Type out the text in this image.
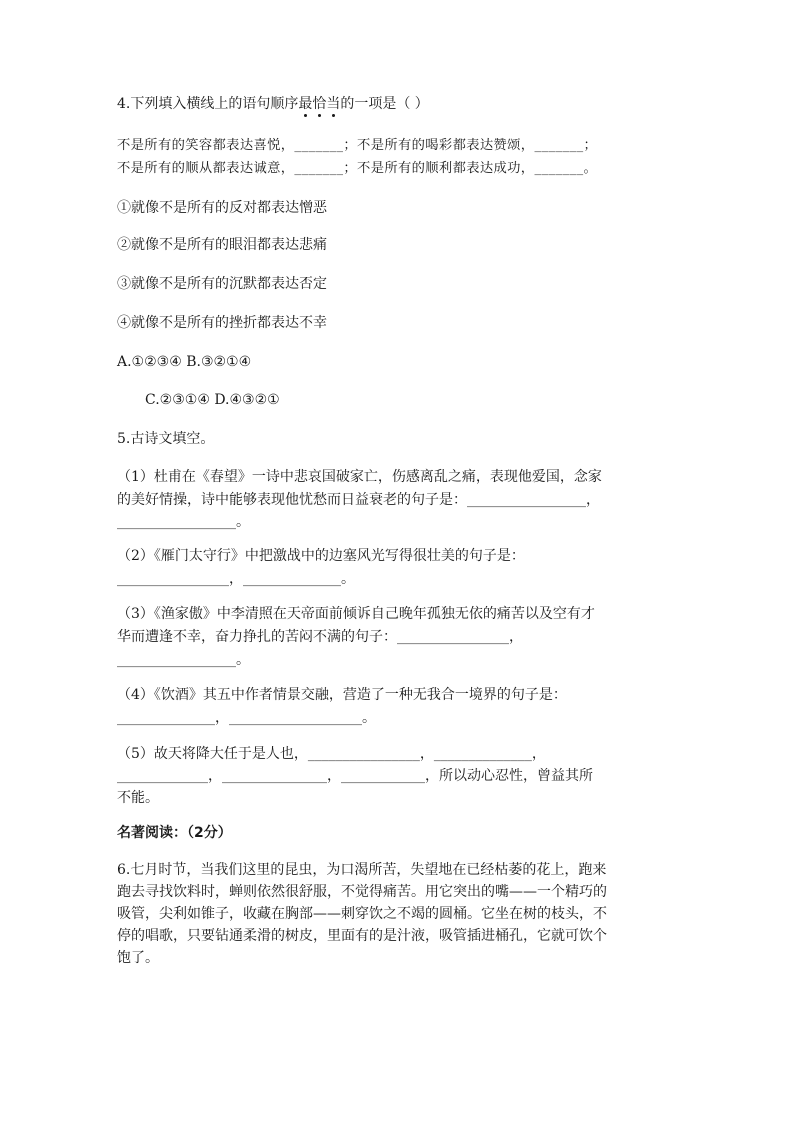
4.下列填入横线上的语句顺序最恰当的一项是（ ）
不是所有的笑容都表达喜悦，_______；不是所有的喝彩都表达赞颂，_______；
不是所有的顺从都表达诚意，_______；不是所有的顺利都表达成功，_______。
①就像不是所有的反对都表达憎恶
②就像不是所有的眼泪都表达悲痛
③就像不是所有的沉默都表达否定
④就像不是所有的挫折都表达不幸
A.①②③④ B.③②①④
C.②③①④ D.④③②①
5.古诗文填空。
（1）杜甫在《春望》一诗中悲哀国破家亡，伤感离乱之痛，表现他爱国，念家
的美好情操，诗中能够表现他忧愁而日益衰老的句子是：_________________，
_________________。
（2）《雁门太守行》中把激战中的边塞风光写得很壮美的句子是：
________________，______________。
（3）《渔家傲》中李清照在天帝面前倾诉自己晚年孤独无依的痛苦以及空有才
华而遭逢不幸，奋力挣扎的苦闷不满的句子：________________，
_________________。
（4）《饮酒》其五中作者情景交融，营造了一种无我合一境界的句子是：
______________，___________________。
（5）故天将降大任于是人也，________________，______________，
_____________，_______________，____________，所以动心忍性，曾益其所
不能。
名著阅读：（2分）
6.七月时节，当我们这里的昆虫，为口渴所苦，失望地在已经枯萎的花上，跑来
跑去寻找饮料时，蝉则依然很舒服，不觉得痛苦。用它突出的嘴——一个精巧的
吸管，尖利如锥子，收藏在胸部——刺穿饮之不竭的圆桶。它坐在树的枝头，不
停的唱歌，只要钻通柔滑的树皮，里面有的是汁液，吸管插进桶孔，它就可饮个
饱了。
